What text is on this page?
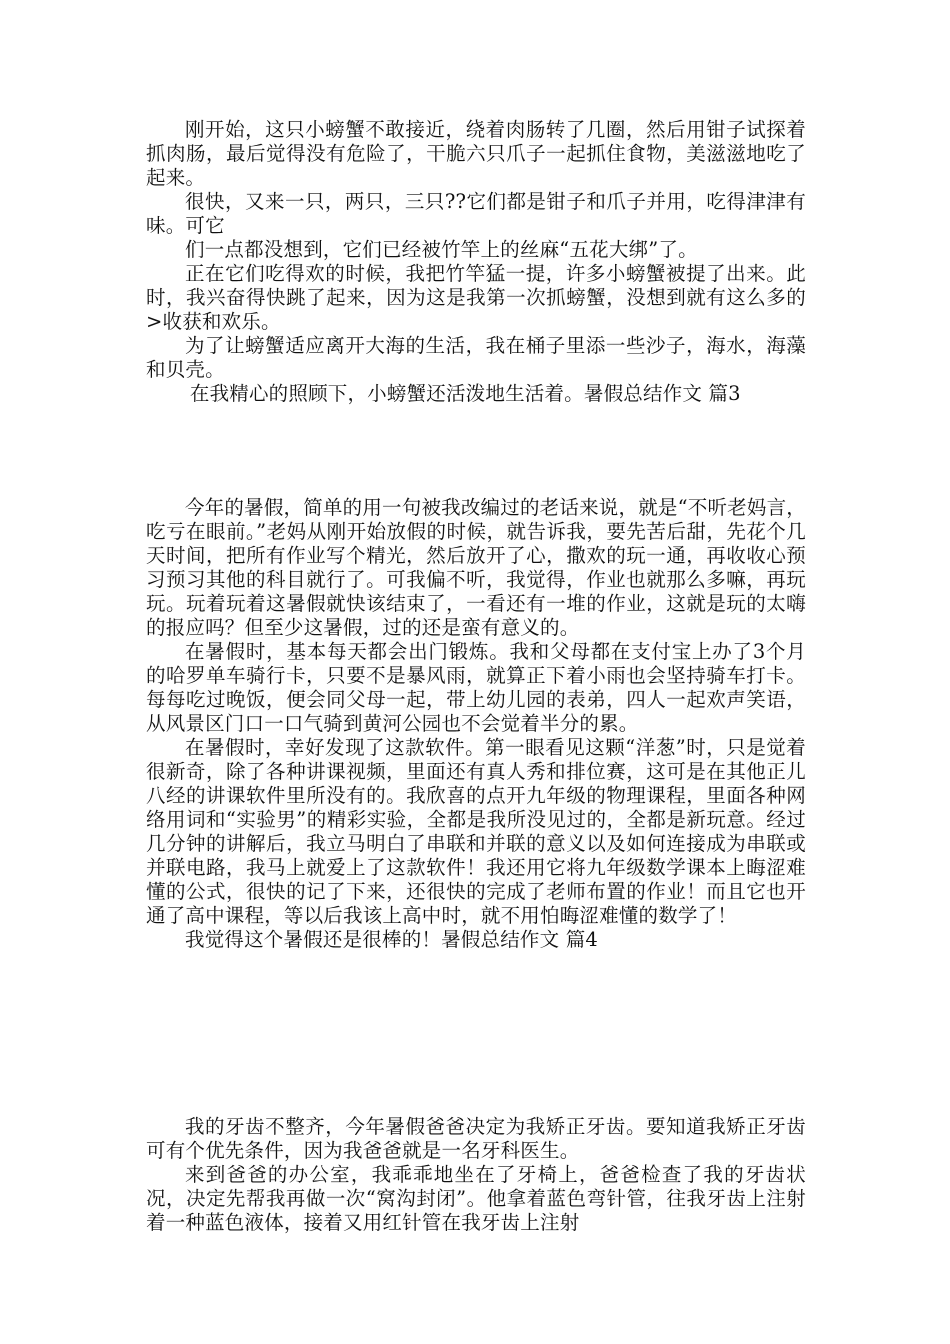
刚开始，这只小螃蟹不敢接近，绕着肉肠转了几圈，然后用钳子试探着抓肉肠，最后觉得没有危险了，干脆六只爪子一起抓住食物，美滋滋地吃了起来。

很快，又来一只，两只，三只??它们都是钳子和爪子并用，吃得津津有味。可它

们一点都没想到，它们已经被竹竿上的丝麻“五花大绑”了。

正在它们吃得欢的时候，我把竹竿猛一提，许多小螃蟹被提了出来。此时，我兴奋得快跳了起来，因为这是我第一次抓螃蟹，没想到就有这么多的>收获和欢乐。

为了让螃蟹适应离开大海的生活，我在桶子里添一些沙子，海水，海藻和贝壳。

在我精心的照顾下，小螃蟹还活泼地生活着。暑假总结作文 篇3

今年的暑假，简单的用一句被我改编过的老话来说，就是“不听老妈言，吃亏在眼前。”老妈从刚开始放假的时候，就告诉我，要先苦后甜，先花个几天时间，把所有作业写个精光，然后放开了心，撒欢的玩一通，再收收心预习预习其他的科目就行了。可我偏不听，我觉得，作业也就那么多嘛，再玩玩。玩着玩着这暑假就快该结束了，一看还有一堆的作业，这就是玩的太嗨的报应吗？但至少这暑假，过的还是蛮有意义的。

在暑假时，基本每天都会出门锻炼。我和父母都在支付宝上办了3个月的哈罗单车骑行卡，只要不是暴风雨，就算正下着小雨也会坚持骑车打卡。每每吃过晚饭，便会同父母一起，带上幼儿园的表弟，四人一起欢声笑语，从风景区门口一口气骑到黄河公园也不会觉着半分的累。

在暑假时，幸好发现了这款软件。第一眼看见这颗“洋葱”时，只是觉着很新奇，除了各种讲课视频，里面还有真人秀和排位赛，这可是在其他正儿八经的讲课软件里所没有的。我欣喜的点开九年级的物理课程，里面各种网络用词和“实验男”的精彩实验，全都是我所没见过的，全都是新玩意。经过几分钟的讲解后，我立马明白了串联和并联的意义以及如何连接成为串联或并联电路，我马上就爱上了这款软件！我还用它将九年级数学课本上晦涩难懂的公式，很快的记了下来，还很快的完成了老师布置的作业！而且它也开通了高中课程，等以后我该上高中时，就不用怕晦涩难懂的数学了！

我觉得这个暑假还是很棒的！暑假总结作文 篇4

我的牙齿不整齐，今年暑假爸爸决定为我矫正牙齿。要知道我矫正牙齿可有个优先条件，因为我爸爸就是一名牙科医生。

来到爸爸的办公室，我乖乖地坐在了牙椅上，爸爸检查了我的牙齿状况，决定先帮我再做一次“窝沟封闭”。他拿着蓝色弯针管，往我牙齿上注射着一种蓝色液体，接着又用红针管在我牙齿上注射
